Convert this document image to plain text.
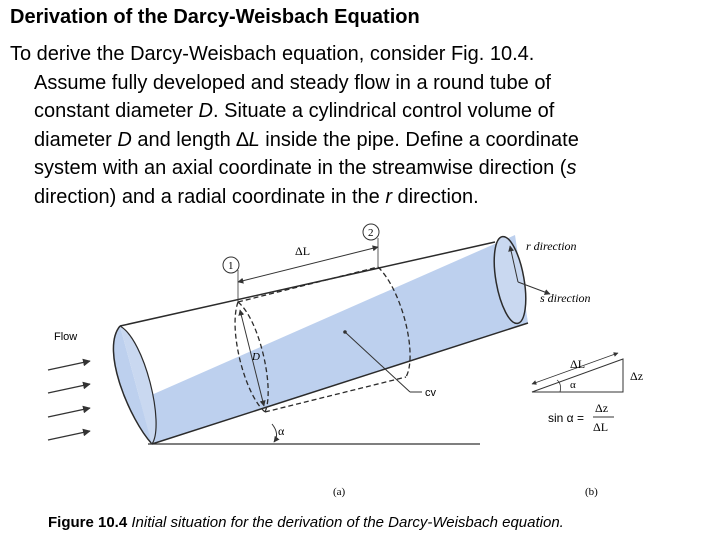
Derivation of the Darcy-Weisbach Equation
To derive the Darcy-Weisbach equation, consider Fig. 10.4.
Assume fully developed and steady flow in a round tube of
constant diameter D. Situate a cylindrical control volume of
diameter D and length ∆L inside the pipe. Define a coordinate
system with an axial coordinate in the streamwise direction (s
direction) and a radial coordinate in the r direction.
D
ΔL
1
2
cv
α
Flow
r direction
s direction
ΔL
α
Δz
sin α =
Δz
ΔL
(a)	(b)
Figure 10.4 Initial situation for the derivation of the Darcy-Weisbach equation.
